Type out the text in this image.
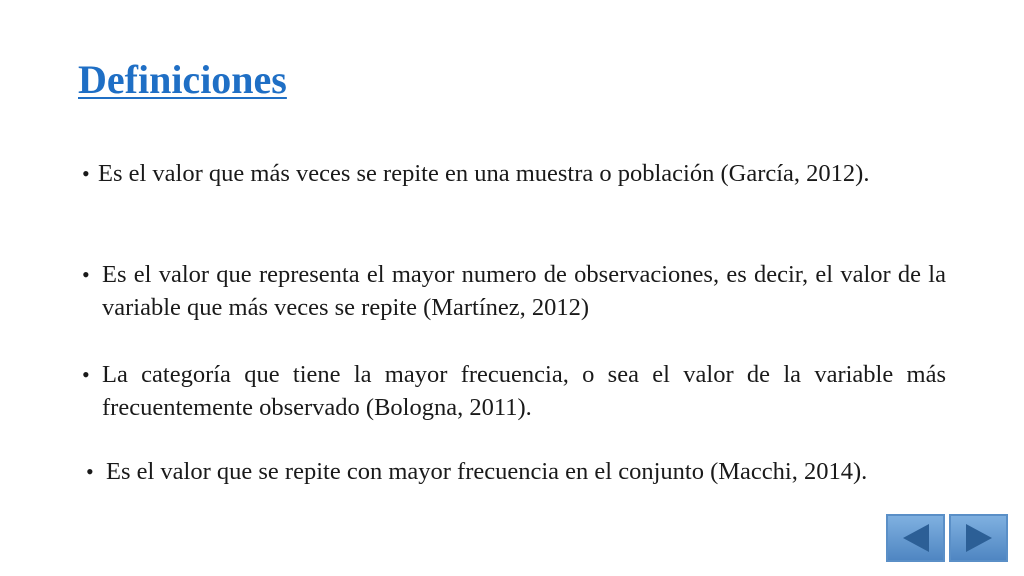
Definiciones
• Es el valor que más veces se repite en una muestra o población (García, 2012).
• Es el valor que representa el mayor numero de observaciones, es decir, el valor de la variable que más veces se repite (Martínez, 2012)
• La categoría que tiene la mayor frecuencia, o sea el valor de la variable más frecuentemente observado (Bologna, 2011).
• Es el valor que se repite con mayor frecuencia en el conjunto (Macchi, 2014).
